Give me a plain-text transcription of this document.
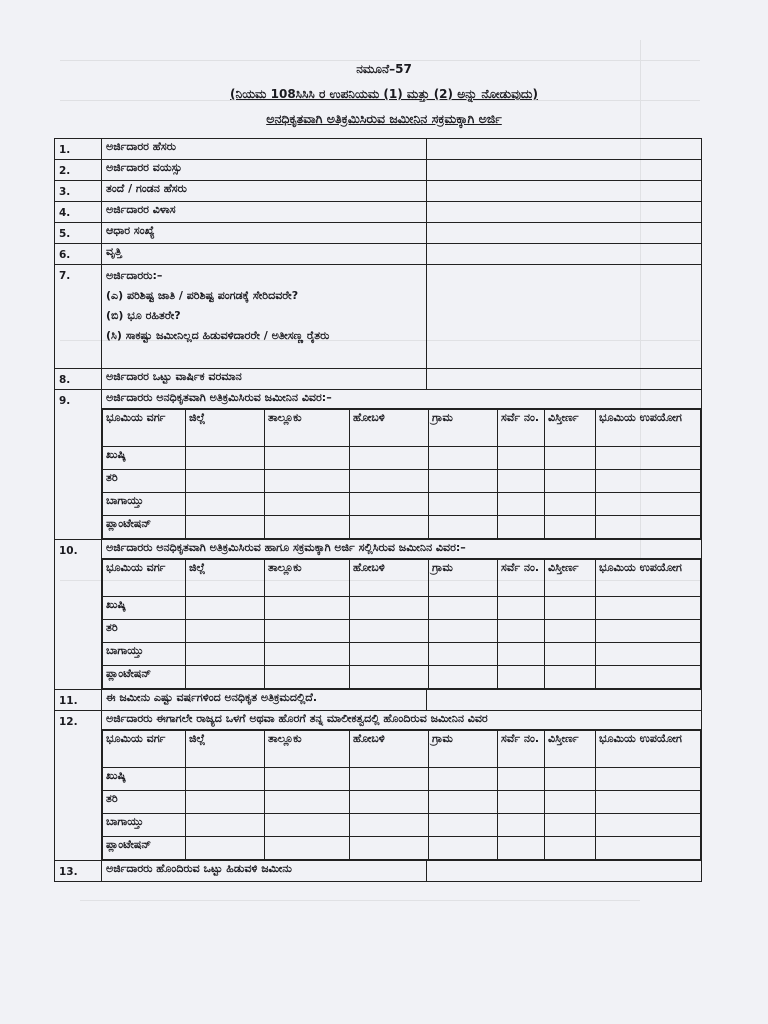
ನಮೂನೆ–57
(ನಿಯಮ 108ಸಿಸಿಸಿ ರ ಉಪನಿಯಮ (1) ಮತ್ತು (2) ಅನ್ನು ನೋಡುವುದು)
ಅನಧಿಕೃತವಾಗಿ ಅತಿಕ್ರಮಿಸಿರುವ ಜಮೀನಿನ ಸಕ್ರಮಕ್ಕಾಗಿ ಅರ್ಜಿ
1.	ಅರ್ಜಿದಾರರ ಹೆಸರು	
2.	ಅರ್ಜಿದಾರರ ವಯಸ್ಸು	
3.	ತಂದೆ / ಗಂಡನ ಹೆಸರು	
4.	ಅರ್ಜಿದಾರರ ವಿಳಾಸ	
5.	ಆಧಾರ ಸಂಖ್ಯೆ	
6.	ವೃತ್ತಿ	
7.	ಅರ್ಜಿದಾರರು:–
(ಎ) ಪರಿಶಿಷ್ಟ ಜಾತಿ / ಪರಿಶಿಷ್ಟ ಪಂಗಡಕ್ಕೆ ಸೇರಿದವರೇ?
(ಬಿ) ಭೂ ರಹಿತರೇ?
(ಸಿ) ಸಾಕಷ್ಟು ಜಮೀನಿಲ್ಲದ ಹಿಡುವಳಿದಾರರೇ / ಅತೀಸಣ್ಣ ರೈತರು

8.	ಅರ್ಜಿದಾರರ ಒಟ್ಟು ವಾರ್ಷಿಕ ವರಮಾನ	
9.	ಅರ್ಜಿದಾರರು ಅನಧಿಕೃತವಾಗಿ ಅತಿಕ್ರಮಿಸಿರುವ ಜಮೀನಿನ ವಿವರ:–

ಭೂಮಿಯ ವರ್ಗ	ಜಿಲ್ಲೆ	ತಾಲ್ಲೂಕು	ಹೋಬಳಿ	ಗ್ರಾಮ	ಸರ್ವೆ ನಂ.	ವಿಸ್ತೀರ್ಣ	ಭೂಮಿಯ ಉಪಯೋಗ
ಖುಷ್ಕಿ							
ತರಿ							
ಬಾಗಾಯ್ತು							
ಪ್ಲಾಂಟೇಷನ್							

10.	ಅರ್ಜಿದಾರರು ಅನಧಿಕೃತವಾಗಿ ಅತಿಕ್ರಮಿಸಿರುವ ಹಾಗೂ ಸಕ್ರಮಕ್ಕಾಗಿ ಅರ್ಜಿ ಸಲ್ಲಿಸಿರುವ ಜಮೀನಿನ ವಿವರ:–

ಭೂಮಿಯ ವರ್ಗ	ಜಿಲ್ಲೆ	ತಾಲ್ಲೂಕು	ಹೋಬಳಿ	ಗ್ರಾಮ	ಸರ್ವೆ ನಂ.	ವಿಸ್ತೀರ್ಣ	ಭೂಮಿಯ ಉಪಯೋಗ
ಖುಷ್ಕಿ							
ತರಿ							
ಬಾಗಾಯ್ತು							
ಪ್ಲಾಂಟೇಷನ್							

11.	ಈ ಜಮೀನು ಎಷ್ಟು ವರ್ಷಗಳಿಂದ ಅನಧಿಕೃತ ಅತಿಕ್ರಮದಲ್ಲಿದೆ.	
12.	ಅರ್ಜಿದಾರರು ಈಗಾಗಲೇ ರಾಜ್ಯದ ಒಳಗೆ ಅಥವಾ ಹೊರಗೆ ತನ್ನ ಮಾಲೀಕತ್ವದಲ್ಲಿ ಹೊಂದಿರುವ ಜಮೀನಿನ ವಿವರ

ಭೂಮಿಯ ವರ್ಗ	ಜಿಲ್ಲೆ	ತಾಲ್ಲೂಕು	ಹೋಬಳಿ	ಗ್ರಾಮ	ಸರ್ವೆ ನಂ.	ವಿಸ್ತೀರ್ಣ	ಭೂಮಿಯ ಉಪಯೋಗ
ಖುಷ್ಕಿ							
ತರಿ							
ಬಾಗಾಯ್ತು							
ಪ್ಲಾಂಟೇಷನ್							

13.	ಅರ್ಜಿದಾರರು ಹೊಂದಿರುವ ಒಟ್ಟು ಹಿಡುವಳಿ ಜಮೀನು	
